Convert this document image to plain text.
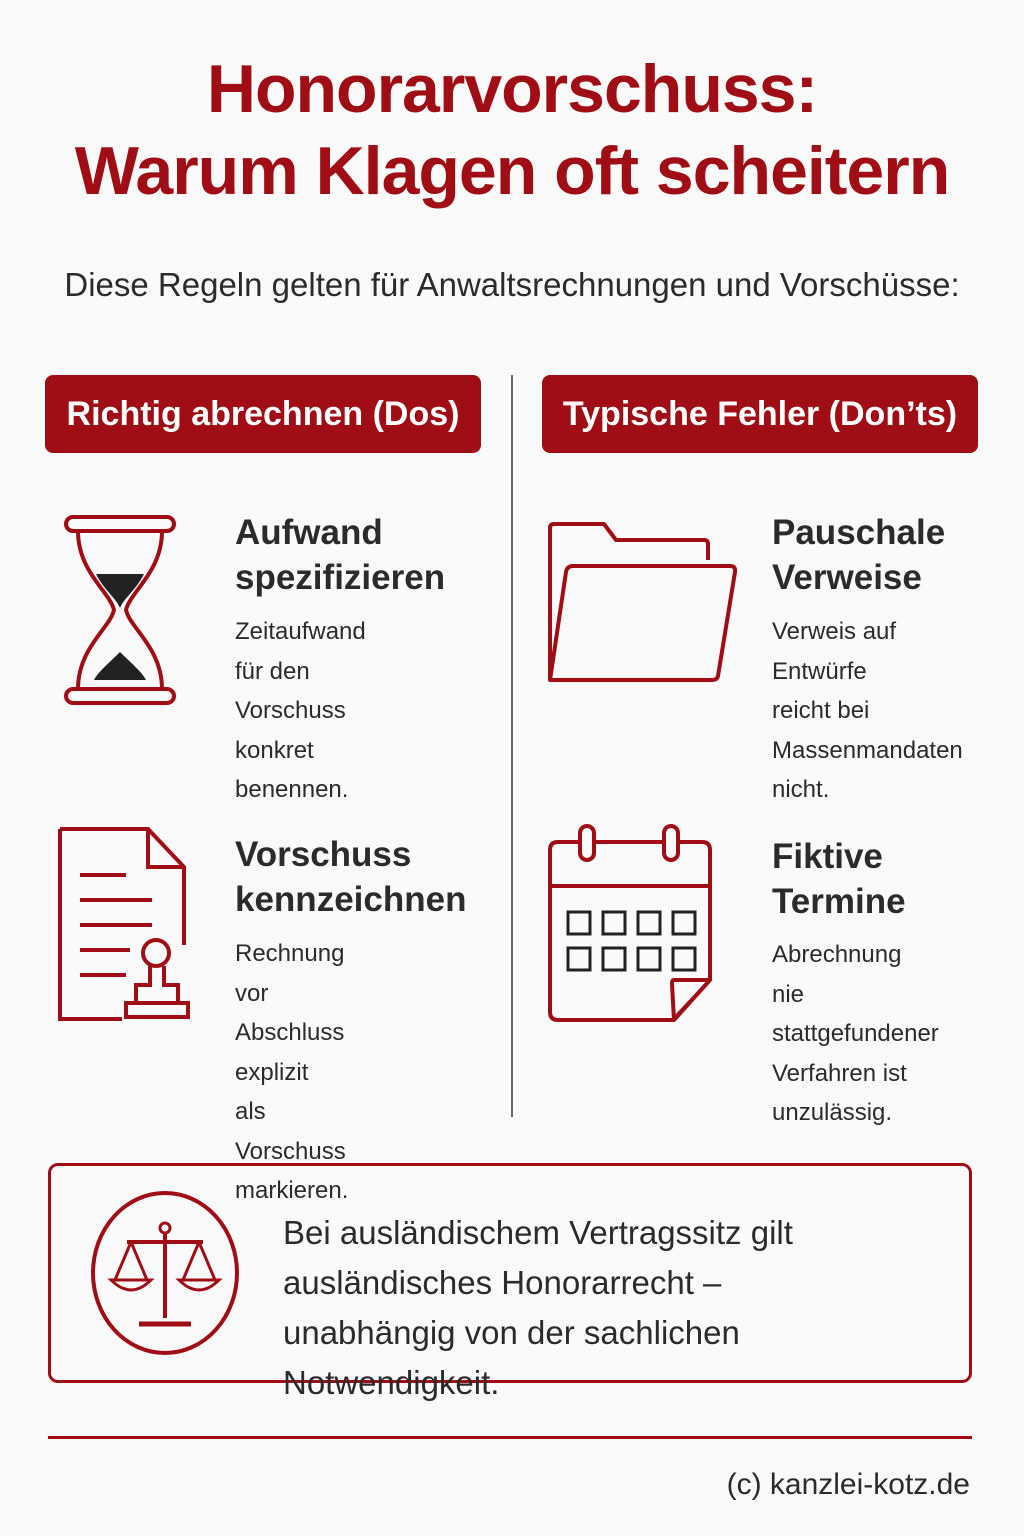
Honorarvorschuss:
Warum Klagen oft scheitern
Diese Regeln gelten für Anwaltsrechnungen und Vorschüsse:
Richtig abrechnen (Dos)	Typische Fehler (Don’ts)
Aufwand
spezifizieren
Zeitaufwand für den
Vorschuss konkret
benennen.
Vorschuss
kennzeichnen
Rechnung vor
Abschluss explizit
als Vorschuss
markieren.
Pauschale
Verweise
Verweis auf Entwürfe
reicht bei
Massenmandaten
nicht.
Fiktive
Termine
Abrechnung nie
stattgefundener
Verfahren ist
unzulässig.
Bei ausländischem Vertragssitz gilt
ausländisches Honorarrecht –
unabhängig von der sachlichen Notwendigkeit.
(c) kanzlei-kotz.de
